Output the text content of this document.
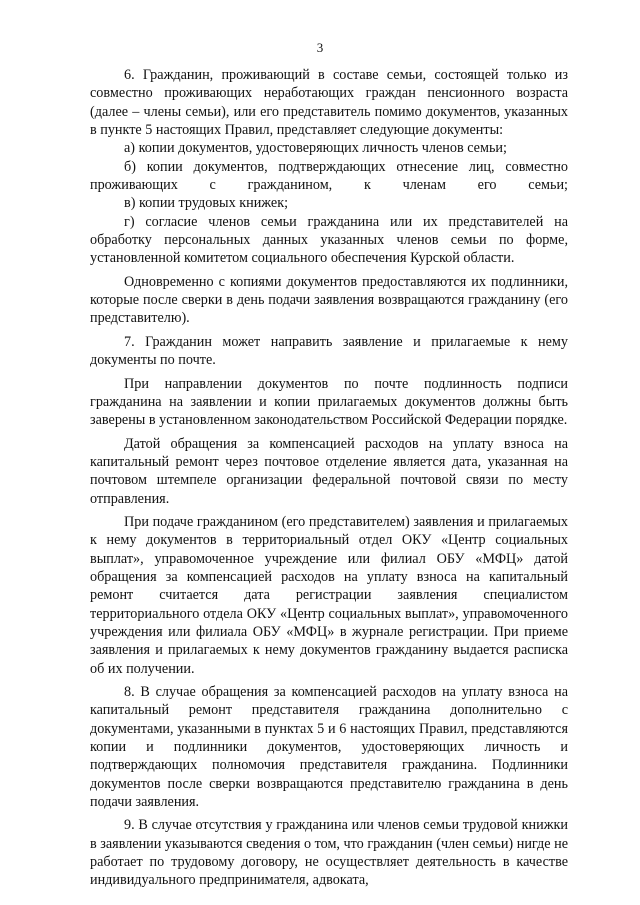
3

6. Гражданин, проживающий в составе семьи, состоящей только из совместно проживающих неработающих граждан пенсионного возраста (далее – члены семьи), или его представитель помимо документов, указанных в пункте 5 настоящих Правил, представляет следующие документы:

а) копии документов, удостоверяющих личность членов семьи;

б) копии документов, подтверждающих отнесение лиц, совместно проживающих с гражданином, к членам его семьи;

в) копии трудовых книжек;

г) согласие членов семьи гражданина или их представителей на обработку персональных данных указанных членов семьи по форме, установленной комитетом социального обеспечения Курской области.

Одновременно с копиями документов предоставляются их подлинники, которые после сверки в день подачи заявления возвращаются гражданину (его представителю).

7. Гражданин может направить заявление и прилагаемые к нему документы по почте.

При направлении документов по почте подлинность подписи гражданина на заявлении и копии прилагаемых документов должны быть заверены в установленном законодательством Российской Федерации порядке.

Датой обращения за компенсацией расходов на уплату взноса на капитальный ремонт через почтовое отделение является дата, указанная на почтовом штемпеле организации федеральной почтовой связи по месту отправления.

При подаче гражданином (его представителем) заявления и прилагаемых к нему документов в территориальный отдел ОКУ «Центр социальных выплат», управомоченное учреждение или филиал ОБУ «МФЦ» датой обращения за компенсацией расходов на уплату взноса на капитальный ремонт считается дата регистрации заявления специалистом территориального отдела ОКУ «Центр социальных выплат», управомоченного учреждения или филиала ОБУ «МФЦ» в журнале регистрации. При приеме заявления и прилагаемых к нему документов гражданину выдается расписка об их получении.

8. В случае обращения за компенсацией расходов на уплату взноса на капитальный ремонт представителя гражданина дополнительно с документами, указанными в пунктах 5 и 6 настоящих Правил, представляются копии и подлинники документов, удостоверяющих личность и подтверждающих полномочия представителя гражданина. Подлинники документов после сверки возвращаются представителю гражданина в день подачи заявления.

9. В случае отсутствия у гражданина или членов семьи трудовой книжки в заявлении указываются сведения о том, что гражданин (член семьи) нигде не работает по трудовому договору, не осуществляет деятельность в качестве индивидуального предпринимателя, адвоката,
